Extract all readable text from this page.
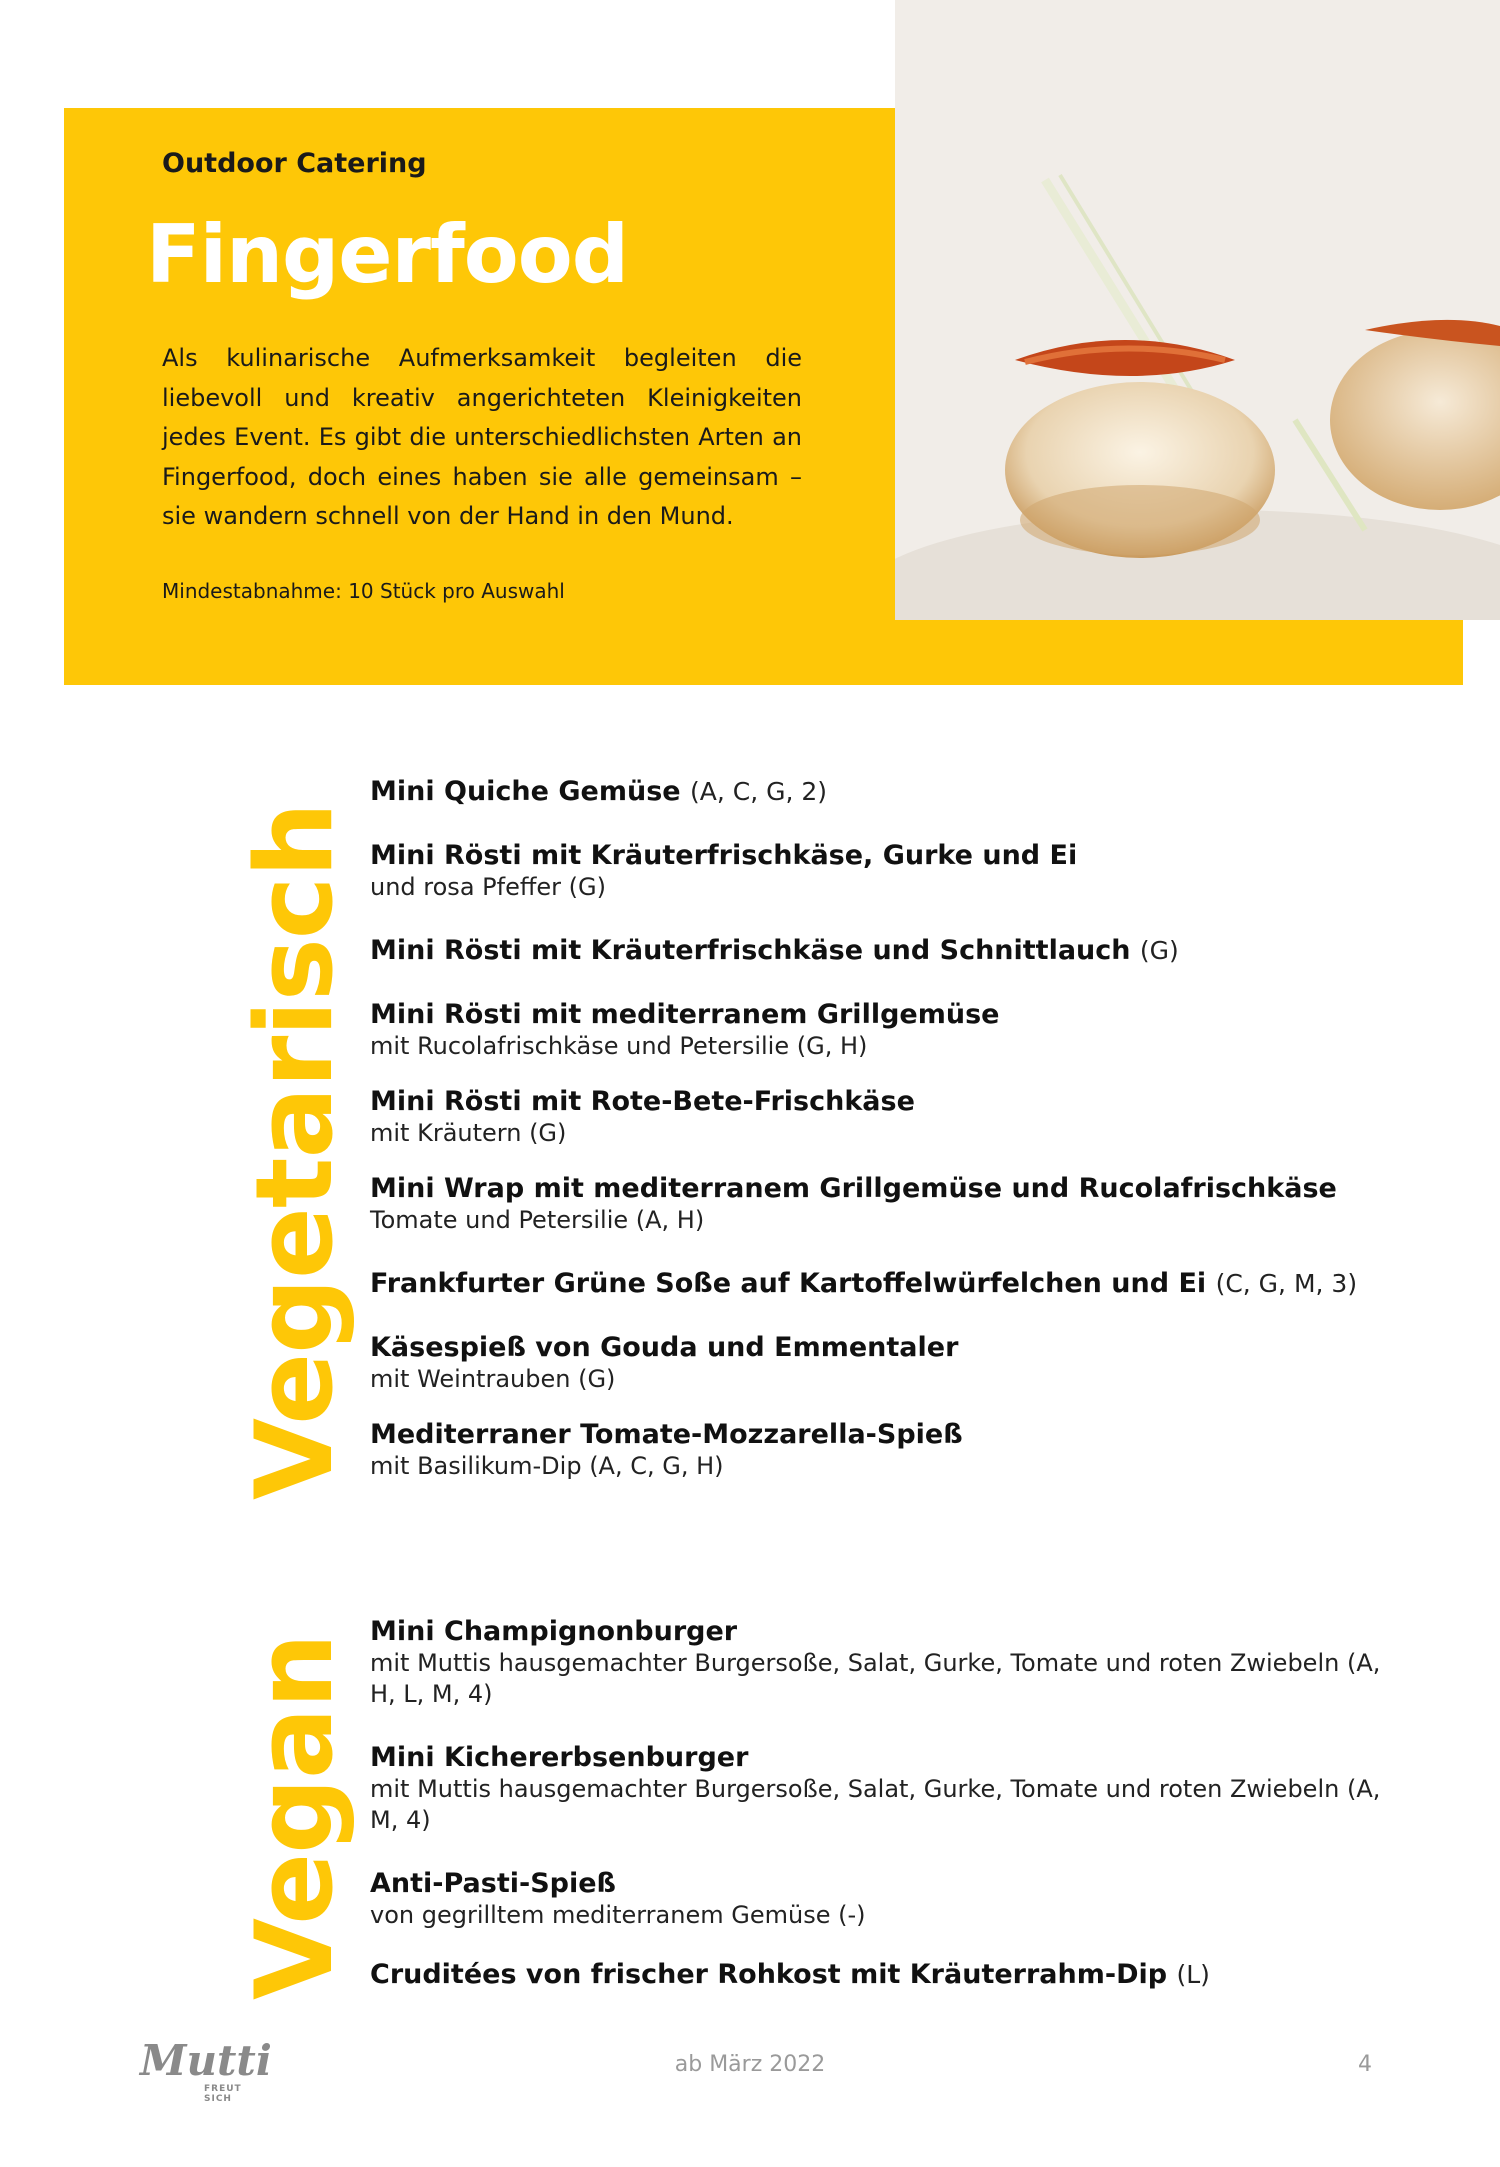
Outdoor Catering
Fingerfood
Als kulinarische Aufmerksamkeit begleiten die liebevoll und kreativ angerichteten Kleinigkeiten jedes Event. Es gibt die unterschiedlichsten Arten an Fingerfood, doch eines haben sie alle gemeinsam – sie wandern schnell von der Hand in den Mund.
Mindestabnahme: 10 Stück pro Auswahl
Vegetarisch
Vegan
Mini Quiche Gemüse (A, C, G, 2)
Mini Rösti mit Kräuterfrischkäse, Gurke und Ei
und rosa Pfeffer (G)
Mini Rösti mit Kräuterfrischkäse und Schnittlauch (G)
Mini Rösti mit mediterranem Grillgemüse
mit Rucolafrischkäse und Petersilie (G, H)
Mini Rösti mit Rote-Bete-Frischkäse
mit Kräutern (G)
Mini Wrap mit mediterranem Grillgemüse und Rucolafrischkäse
Tomate und Petersilie (A, H)
Frankfurter Grüne Soße auf Kartoffelwürfelchen und Ei (C, G, M, 3)
Käsespieß von Gouda und Emmentaler
mit Weintrauben (G)
Mediterraner Tomate-Mozzarella-Spieß
mit Basilikum-Dip (A, C, G, H)
Mini Champignonburger
mit Muttis hausgemachter Burgersoße, Salat, Gurke, Tomate und roten Zwiebeln (A, H, L, M, 4)
Mini Kichererbsenburger
mit Muttis hausgemachter Burgersoße, Salat, Gurke, Tomate und roten Zwiebeln (A, M, 4)
Anti-Pasti-Spieß
von gegrilltem mediterranem Gemüse (-)
Cruditées von frischer Rohkost mit Kräuterrahm-Dip (L)
Mutti
FREUT SICH
ab März 2022	4
